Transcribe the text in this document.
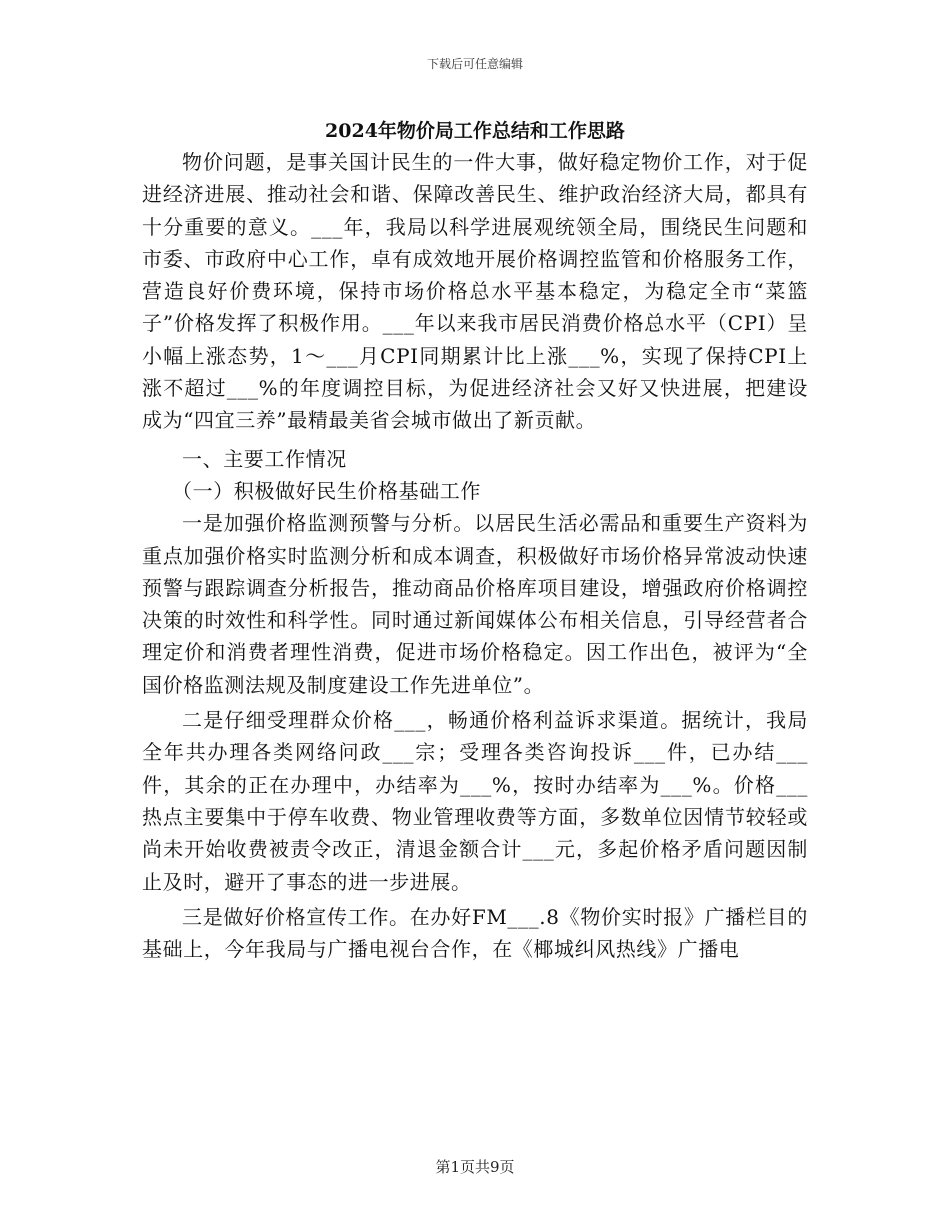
下载后可任意编辑
2024年物价局工作总结和工作思路

物价问题，是事关国计民生的一件大事，做好稳定物价工作，对于促进经济进展、推动社会和谐、保障改善民生、维护政治经济大局，都具有十分重要的意义。___年，我局以科学进展观统领全局，围绕民生问题和市委、市政府中心工作，卓有成效地开展价格调控监管和价格服务工作，营造良好价费环境，保持市场价格总水平基本稳定，为稳定全市“菜篮子”价格发挥了积极作用。___年以来我市居民消费价格总水平（CPI）呈小幅上涨态势，1～___月CPI同期累计比上涨___%，实现了保持CPI上涨不超过___%的年度调控目标，为促进经济社会又好又快进展，把建设成为“四宜三养”最精最美省会城市做出了新贡献。

一、主要工作情况

（一）积极做好民生价格基础工作

一是加强价格监测预警与分析。以居民生活必需品和重要生产资料为重点加强价格实时监测分析和成本调查，积极做好市场价格异常波动快速预警与跟踪调查分析报告，推动商品价格库项目建设，增强政府价格调控决策的时效性和科学性。同时通过新闻媒体公布相关信息，引导经营者合理定价和消费者理性消费，促进市场价格稳定。因工作出色，被评为“全国价格监测法规及制度建设工作先进单位”。

二是仔细受理群众价格___，畅通价格利益诉求渠道。据统计，我局全年共办理各类网络问政___宗；受理各类咨询投诉___件，已办结___件，其余的正在办理中，办结率为___%，按时办结率为___%。价格___热点主要集中于停车收费、物业管理收费等方面，多数单位因情节较轻或尚未开始收费被责令改正，清退金额合计___元，多起价格矛盾问题因制止及时，避开了事态的进一步进展。

三是做好价格宣传工作。在办好FM___.8《物价实时报》广播栏目的基础上，今年我局与广播电视台合作，在《椰城纠风热线》广播电

第1页共9页
